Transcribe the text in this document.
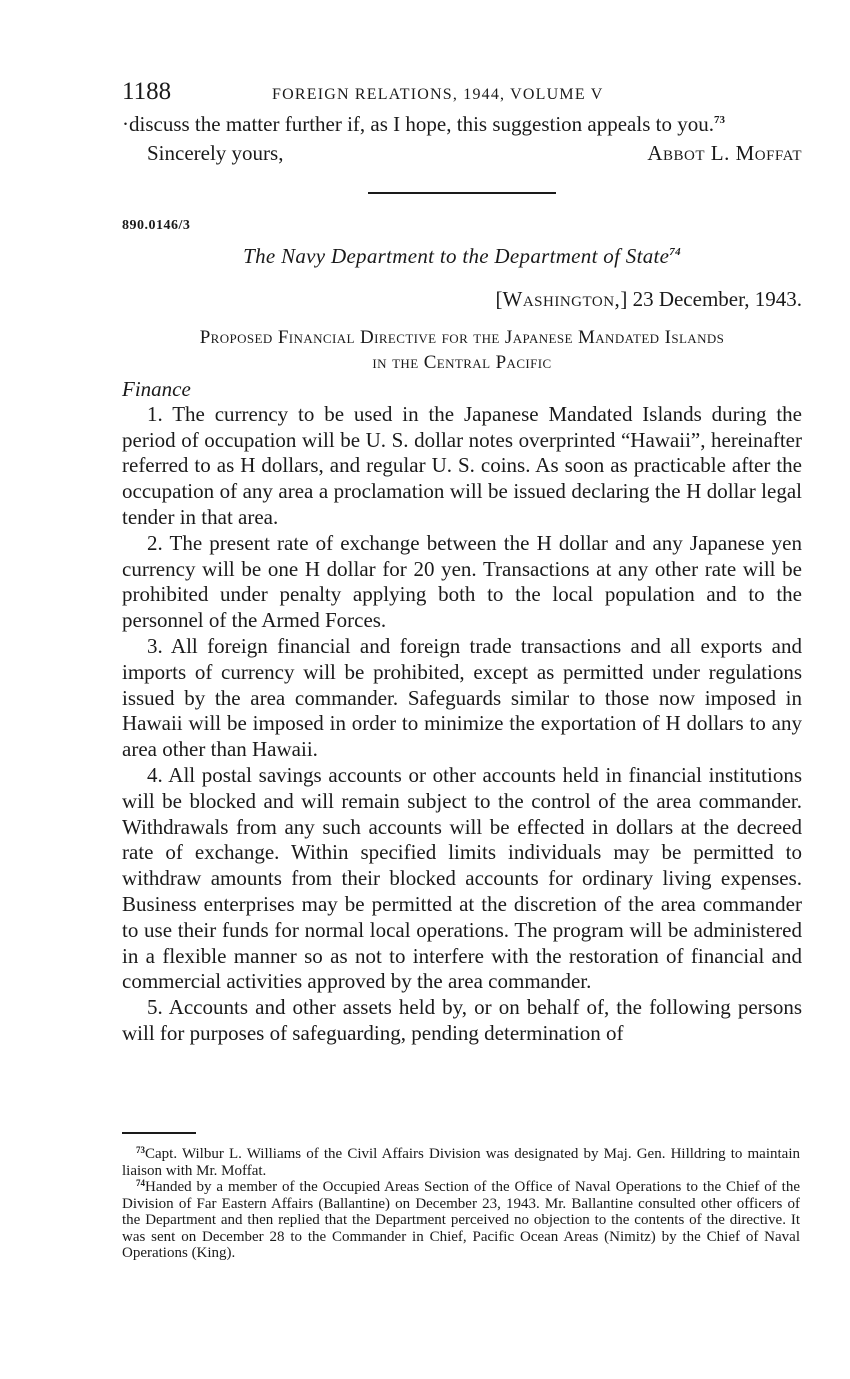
1188	FOREIGN RELATIONS, 1944, VOLUME V

·discuss the matter further if, as I hope, this suggestion appeals to you.$^{73}$

Sincerely yours,	Abbot L. Moffat
890.0146/3
The Navy Department to the Department of State$^{74}$
[Washington,] 23 December, 1943.
Proposed Financial Directive for the Japanese Mandated Islands
in the Central Pacific
Finance

1. The currency to be used in the Japanese Mandated Islands during the period of occupation will be U. S. dollar notes overprinted “Hawaii”, hereinafter referred to as H dollars, and regular U. S. coins. As soon as practicable after the occupation of any area a proclamation will be issued declaring the H dollar legal tender in that area.

2. The present rate of exchange between the H dollar and any Japanese yen currency will be one H dollar for 20 yen. Transactions at any other rate will be prohibited under penalty applying both to the local population and to the personnel of the Armed Forces.

3. All foreign financial and foreign trade transactions and all exports and imports of currency will be prohibited, except as permitted under regulations issued by the area commander. Safeguards similar to those now imposed in Hawaii will be imposed in order to minimize the exportation of H dollars to any area other than Hawaii.

4. All postal savings accounts or other accounts held in financial institutions will be blocked and will remain subject to the control of the area commander. Withdrawals from any such accounts will be effected in dollars at the decreed rate of exchange. Within specified limits individuals may be permitted to withdraw amounts from their blocked accounts for ordinary living expenses. Business enterprises may be permitted at the discretion of the area commander to use their funds for normal local operations. The program will be administered in a flexible manner so as not to interfere with the restoration of financial and commercial activities approved by the area commander.

5. Accounts and other assets held by, or on behalf of, the following persons will for purposes of safeguarding, pending determination of

$^{73}$Capt. Wilbur L. Williams of the Civil Affairs Division was designated by Maj. Gen. Hilldring to maintain liaison with Mr. Moffat.

$^{74}$Handed by a member of the Occupied Areas Section of the Office of Naval Operations to the Chief of the Division of Far Eastern Affairs (Ballantine) on December 23, 1943. Mr. Ballantine consulted other officers of the Department and then replied that the Department perceived no objection to the contents of the directive. It was sent on December 28 to the Commander in Chief, Pacific Ocean Areas (Nimitz) by the Chief of Naval Operations (King).
